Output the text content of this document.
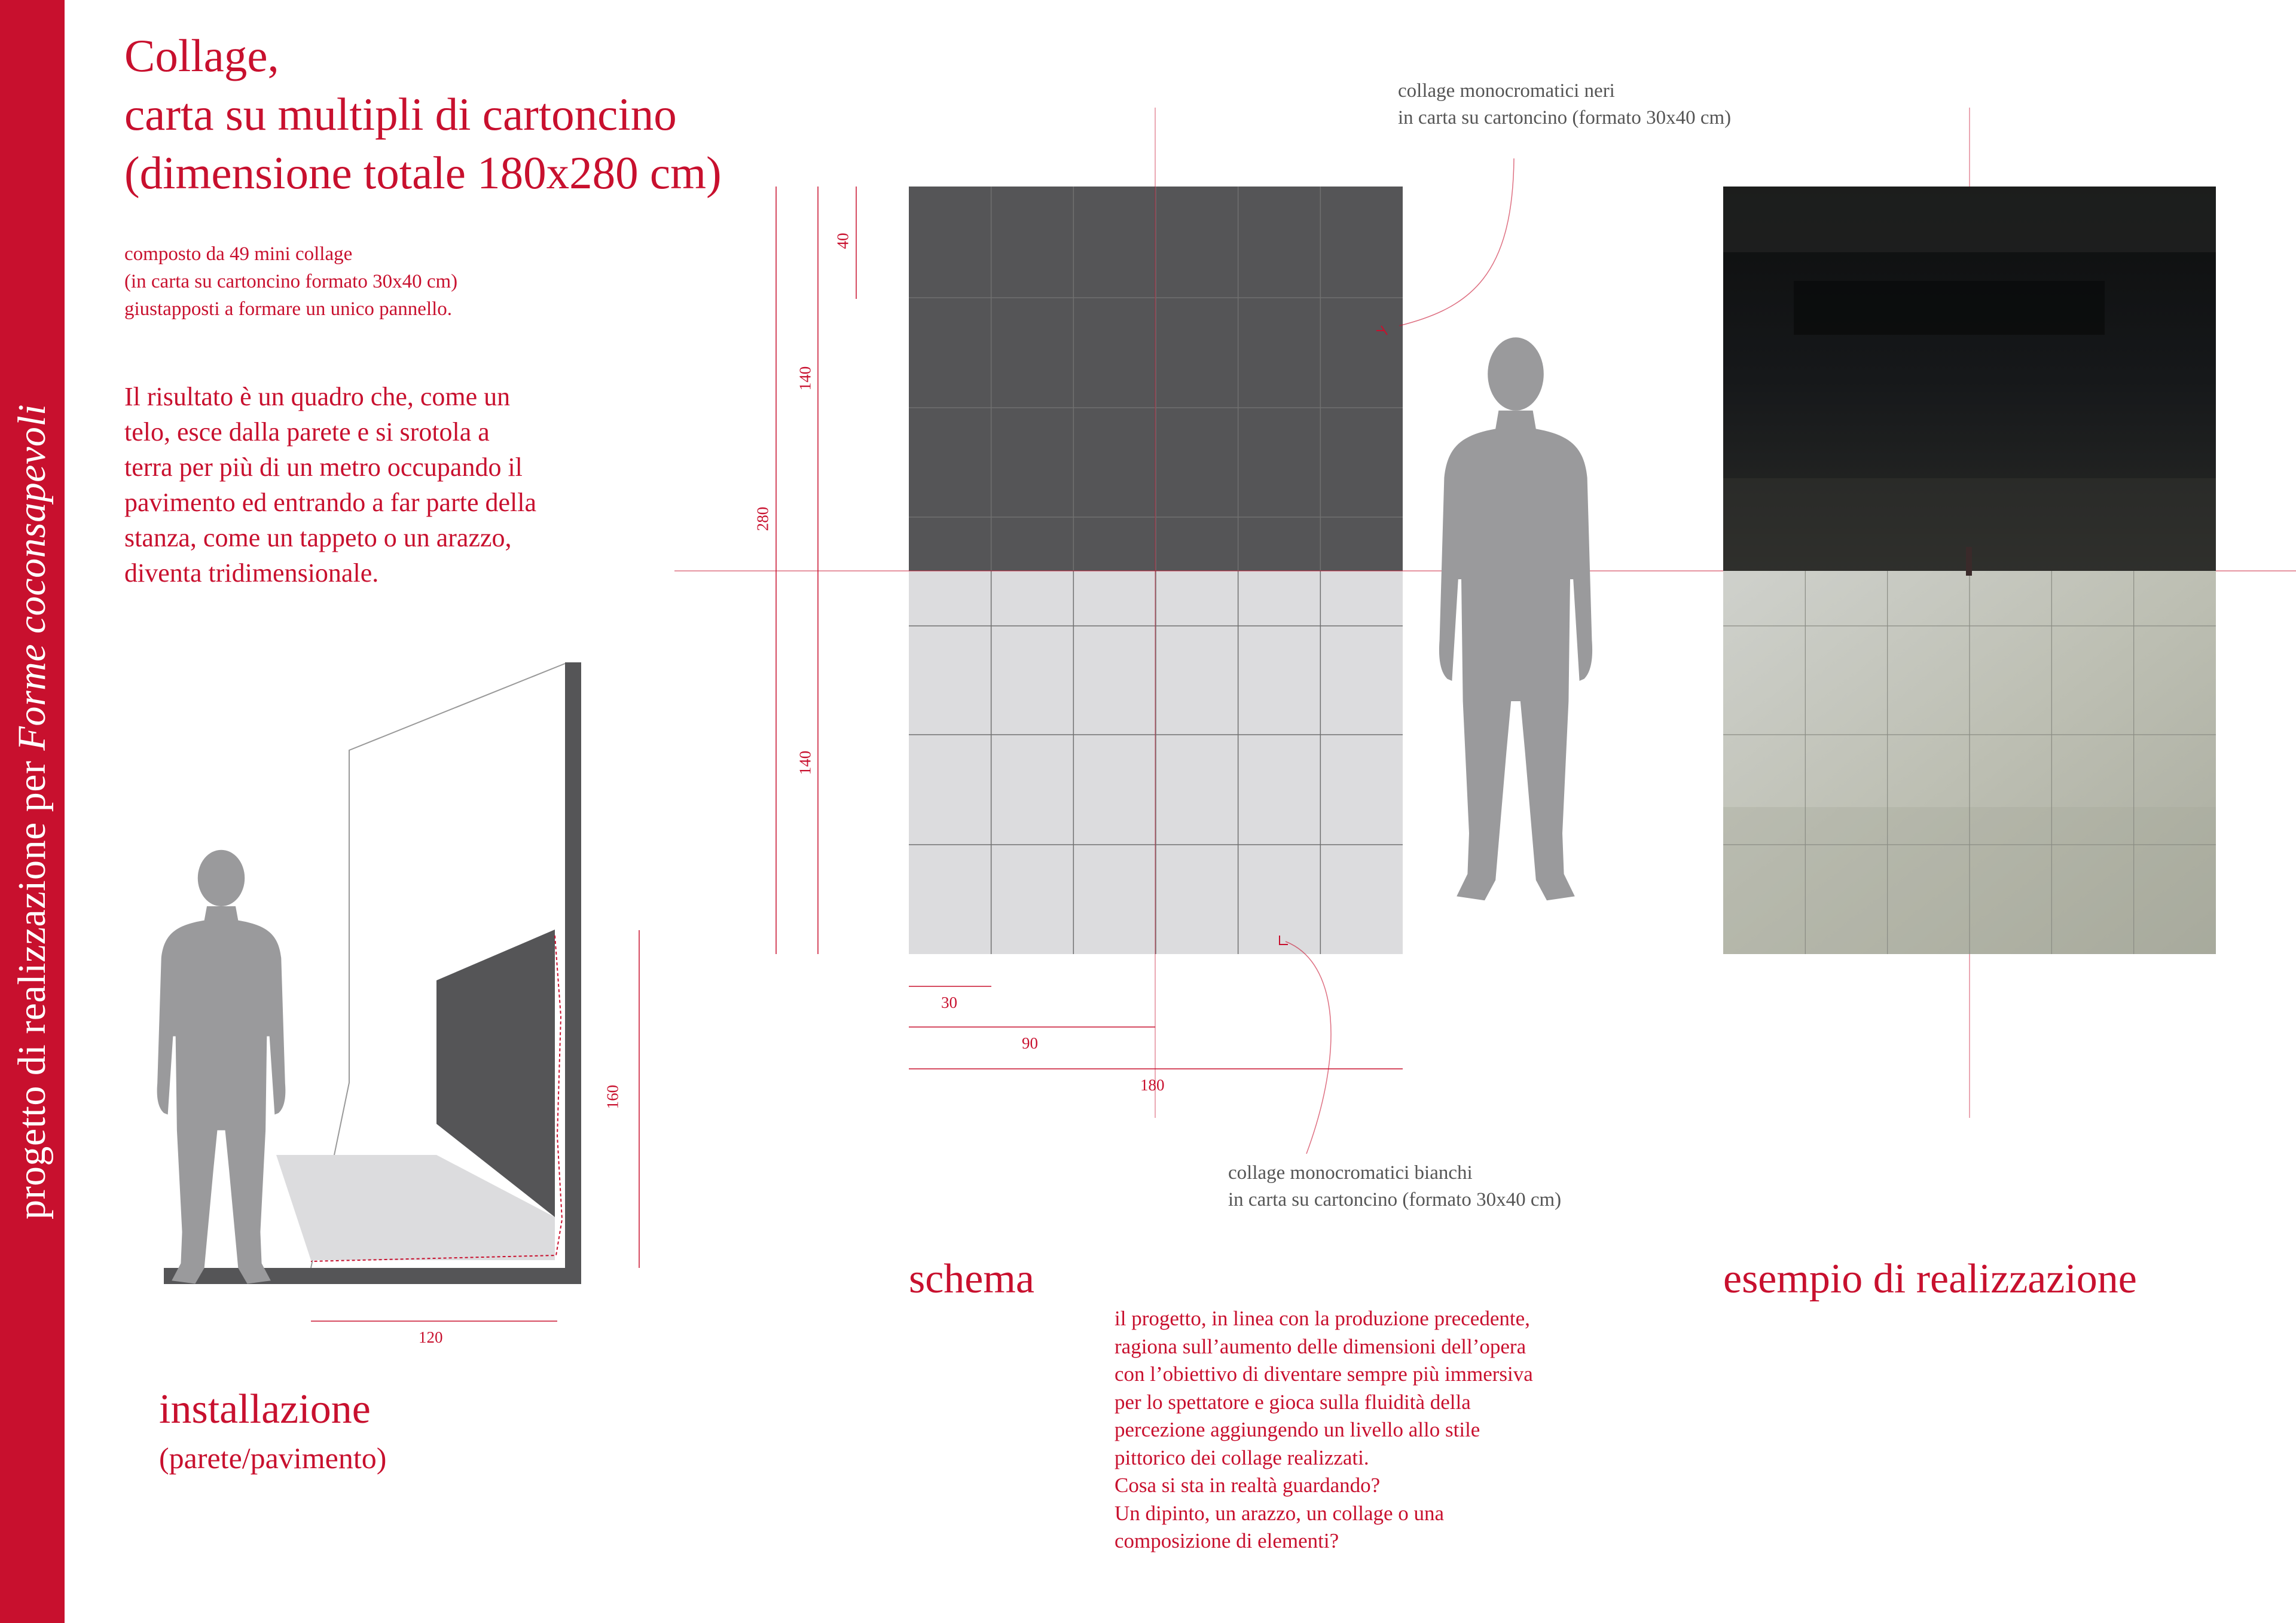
progetto di realizzazione per Forme coconsapevoli
Collage,
carta su multipli di cartoncino
(dimensione totale 180x280 cm)
composto da 49 mini collage
(in carta su cartoncino formato 30x40 cm)
giustapposti a formare un unico pannello.
Il risultato è un quadro che, come un
telo, esce dalla parete e si srotola a
terra per più di un metro occupando il
pavimento ed entrando a far parte della
stanza, come un tappeto o un arazzo,
diventa tridimensionale.
160
120
installazione
(parete/pavimento)
collage monocromatici neri
in carta su cartoncino (formato 30x40 cm)
collage monocromatici bianchi
in carta su cartoncino (formato 30x40 cm)
40
140
280
140
30
90
180
schema	esempio di realizzazione
il progetto, in linea con la produzione precedente,
ragiona sull’aumento delle dimensioni dell’opera
con l’obiettivo di diventare sempre più immersiva
per lo spettatore e gioca sulla fluidità della
percezione aggiungendo un livello allo stile
pittorico dei collage realizzati.
Cosa si sta in realtà guardando?
Un dipinto, un arazzo, un collage o una
composizione di elementi?
